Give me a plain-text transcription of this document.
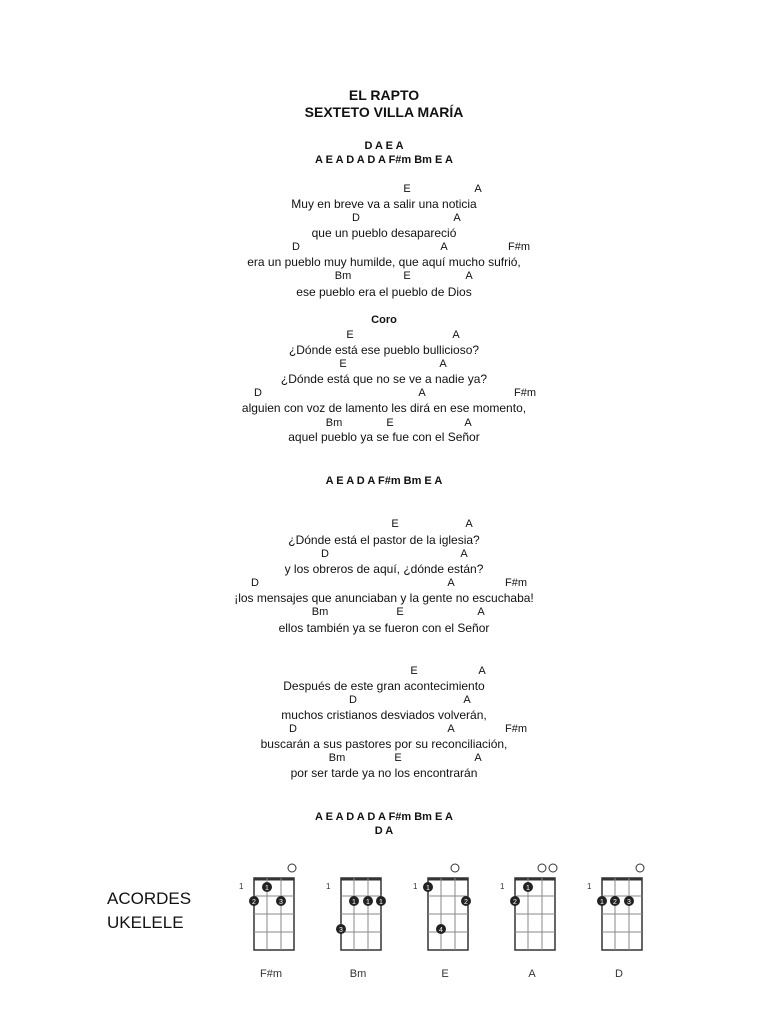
EL RAPTO
SEXTETO VILLA MARÍA
D A E A
A E A D A D A F#m Bm E A
E	A
Muy en breve va a salir una noticia
D	A
que un pueblo desapareció
D	A	F#m
era un pueblo muy humilde, que aquí mucho sufrió,
Bm	E	A
ese pueblo era el pueblo de Dios
Coro
E	A
¿Dónde está ese pueblo bullicioso?
E	A
¿Dónde está que no se ve a nadie ya?
D	A	F#m
alguien con voz de lamento les dirá en ese momento,
Bm	E	A
aquel pueblo ya se fue con el Señor
A E A D A F#m Bm E A
E	A
¿Dónde está el pastor de la iglesia?
D	A
y los obreros de aquí, ¿dónde están?
D	A	F#m
¡los mensajes que anunciaban y la gente no escuchaba!
Bm	E	A
ellos también ya se fueron con el Señor
E	A
Después de este gran acontecimiento
D	A
muchos cristianos desviados volverán,
D	A	F#m
buscarán a sus pastores por su reconciliación,
Bm	E	A
por ser tarde ya no los encontrarán
A E A D A D A F#m Bm E A
D A
ACORDES
UKELELE
1	1
2	3
F#m
1
1 1 1
3
Bm
1 1
2
4
E
1	1
2
A
1
1 2 3
D
